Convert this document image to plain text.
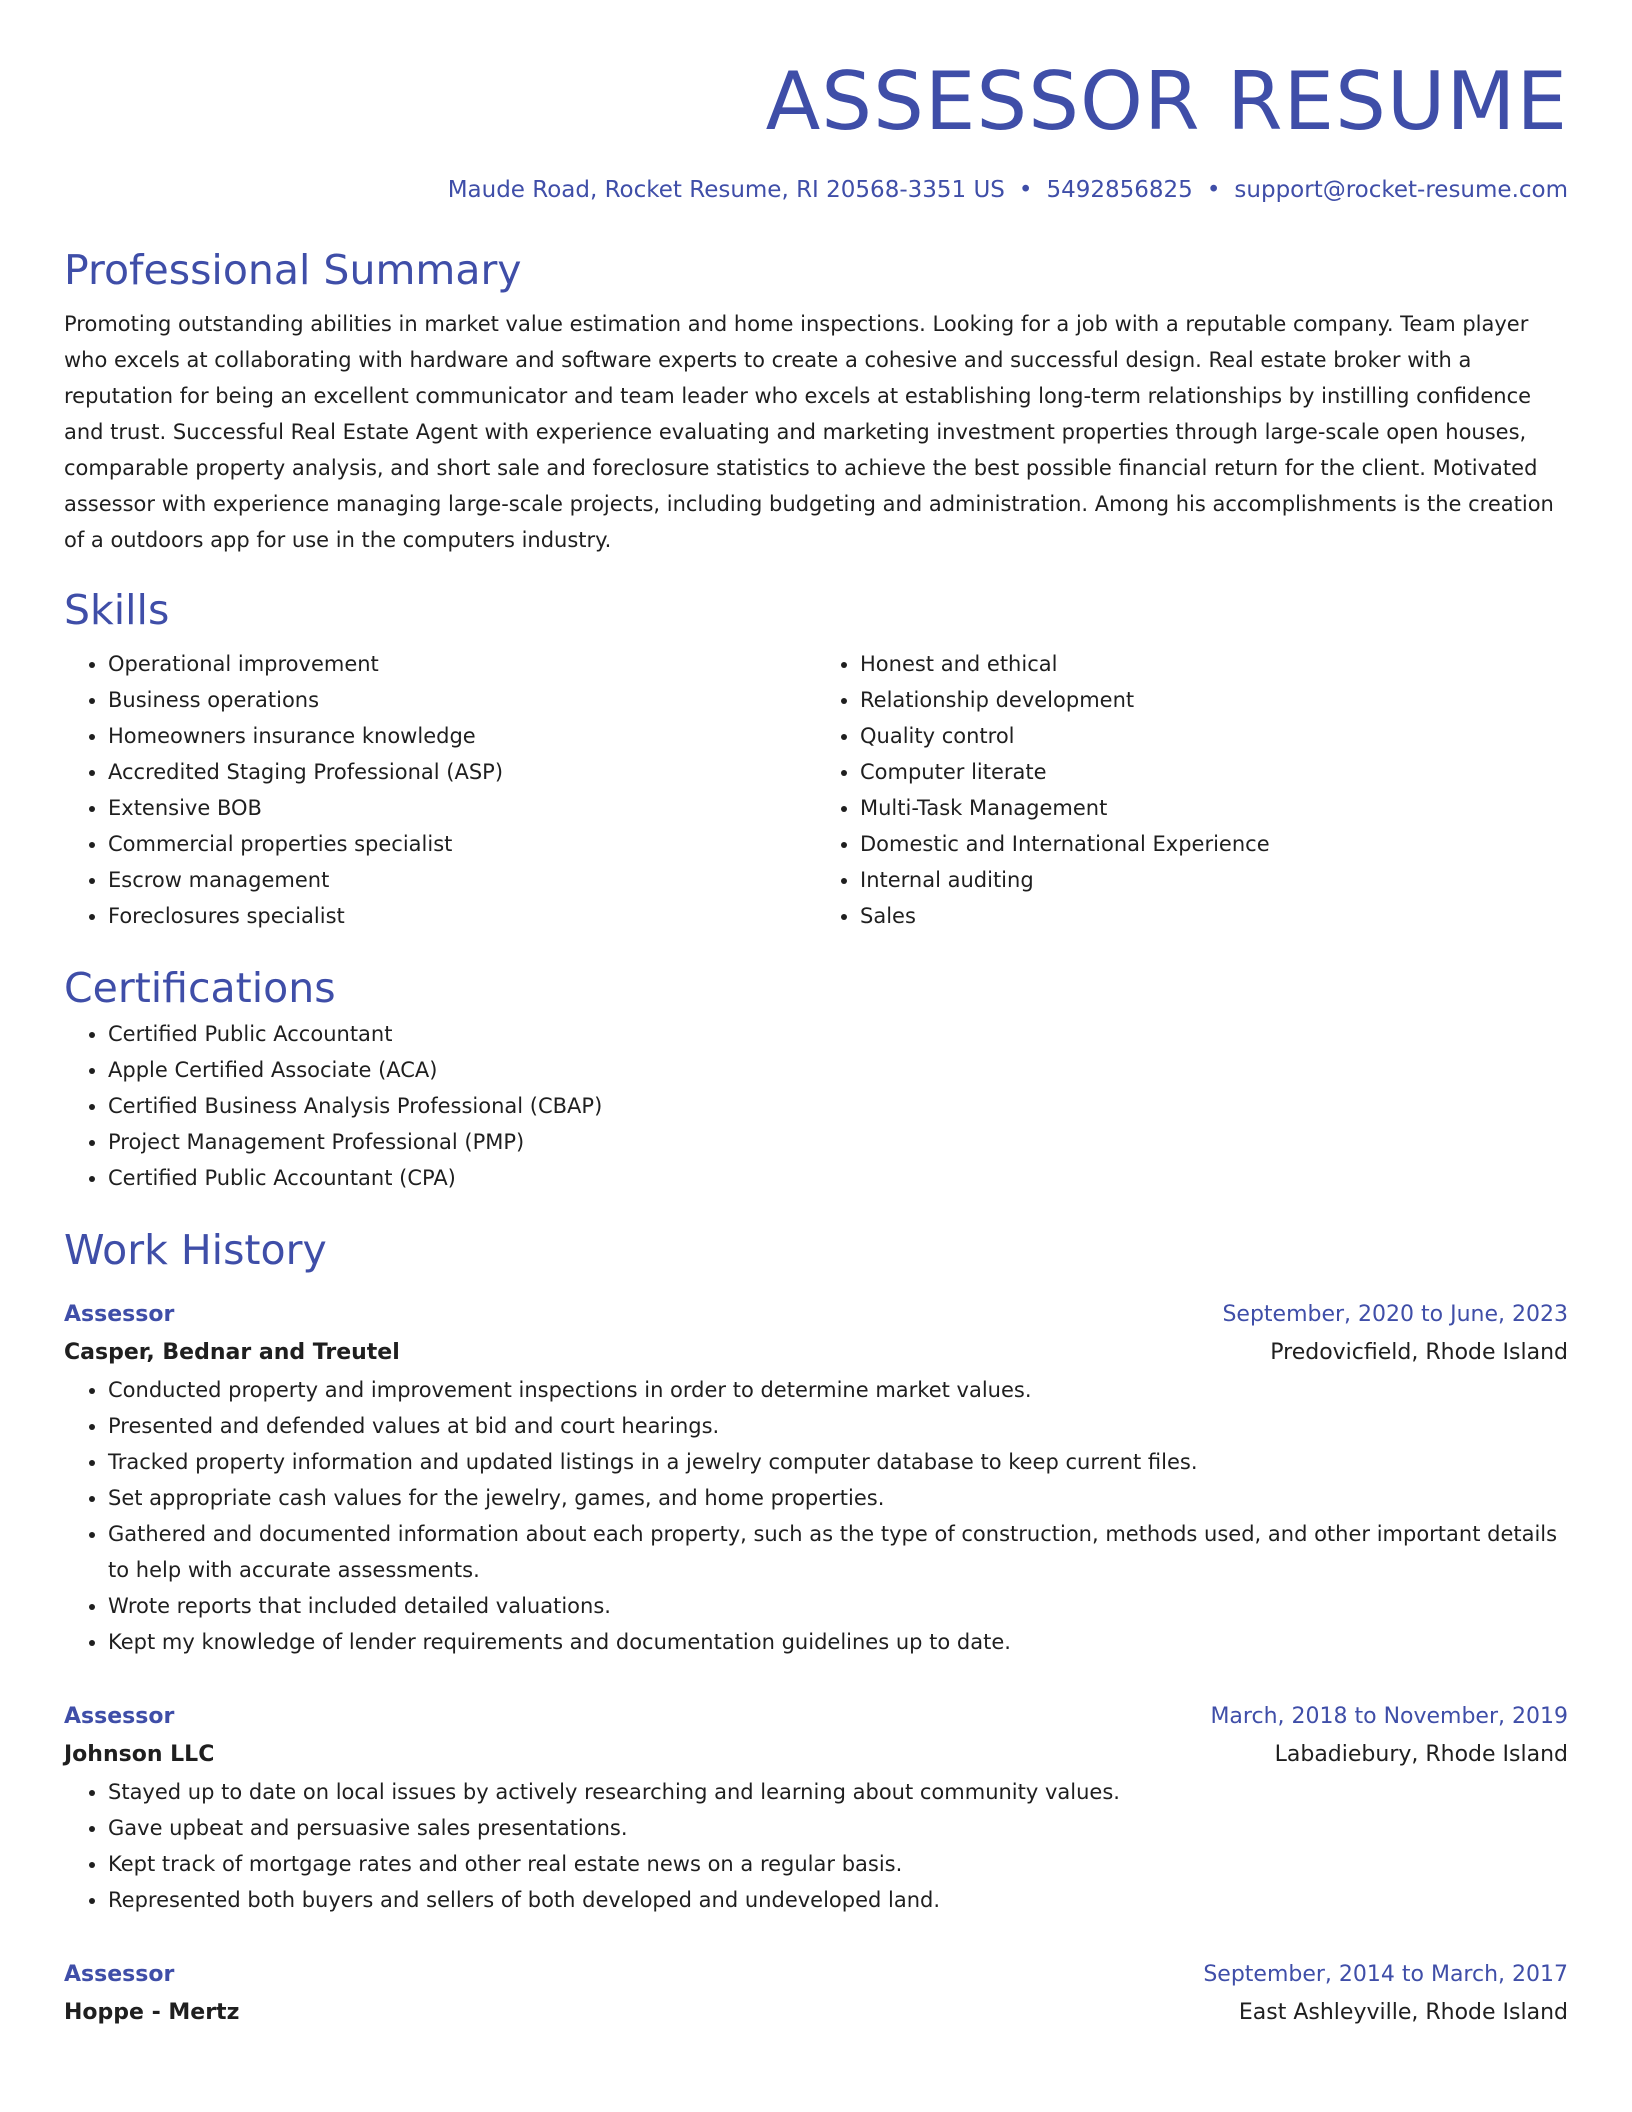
ASSESSOR RESUME
Maude Road, Rocket Resume, RI 20568-3351 US • 5492856825 • support@rocket-resume.com
Professional Summary

Promoting outstanding abilities in market value estimation and home inspections. Looking for a job with a reputable company. Team player who excels at collaborating with hardware and software experts to create a cohesive and successful design. Real estate broker with a reputation for being an excellent communicator and team leader who excels at establishing long-term relationships by instilling confidence and trust. Successful Real Estate Agent with experience evaluating and marketing investment properties through large-scale open houses, comparable property analysis, and short sale and foreclosure statistics to achieve the best possible financial return for the client. Motivated assessor with experience managing large-scale projects, including budgeting and administration. Among his accomplishments is the creation of a outdoors app for use in the computers industry.

Skills
• Operational improvement
• Business operations
• Homeowners insurance knowledge
• Accredited Staging Professional (ASP)
• Extensive BOB
• Commercial properties specialist
• Escrow management
• Foreclosures specialist
• Honest and ethical
• Relationship development
• Quality control
• Computer literate
• Multi-Task Management
• Domestic and International Experience
• Internal auditing
• Sales
Certifications
• Certified Public Accountant
• Apple Certified Associate (ACA)
• Certified Business Analysis Professional (CBAP)
• Project Management Professional (PMP)
• Certified Public Accountant (CPA)
Work History
Assessor	September, 2020 to June, 2023
Casper, Bednar and Treutel	Predovicfield, Rhode Island
• Conducted property and improvement inspections in order to determine market values.
• Presented and defended values at bid and court hearings.
• Tracked property information and updated listings in a jewelry computer database to keep current files.
• Set appropriate cash values for the jewelry, games, and home properties.
• Gathered and documented information about each property, such as the type of construction, methods used, and other important details to help with accurate assessments.
• Wrote reports that included detailed valuations.
• Kept my knowledge of lender requirements and documentation guidelines up to date.
Assessor	March, 2018 to November, 2019
Johnson LLC	Labadiebury, Rhode Island
• Stayed up to date on local issues by actively researching and learning about community values.
• Gave upbeat and persuasive sales presentations.
• Kept track of mortgage rates and other real estate news on a regular basis.
• Represented both buyers and sellers of both developed and undeveloped land.
Assessor	September, 2014 to March, 2017
Hoppe - Mertz	East Ashleyville, Rhode Island
